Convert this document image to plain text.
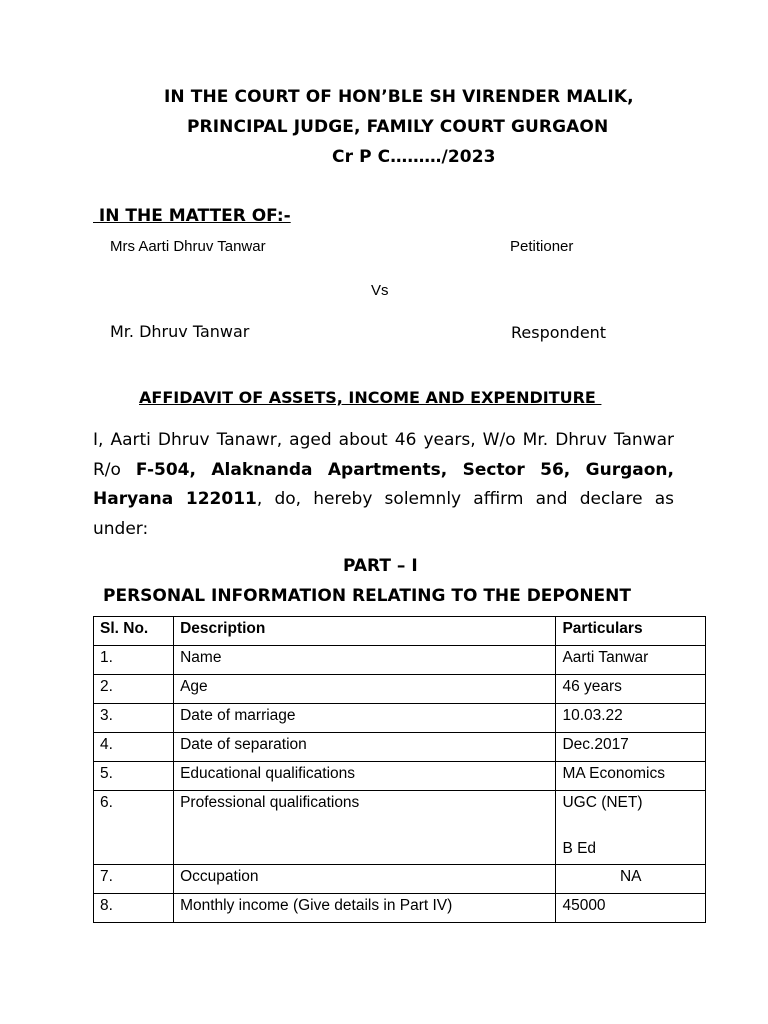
IN THE COURT OF HON’BLE SH VIRENDER MALIK,
PRINCIPAL JUDGE, FAMILY COURT GURGAON
Cr P C………/2023
IN THE MATTER OF:-
Mrs Aarti Dhruv Tanwar	Petitioner
Vs
Mr. Dhruv Tanwar	Respondent
AFFIDAVIT OF ASSETS, INCOME AND EXPENDITURE
I, Aarti Dhruv Tanawr, aged about 46 years, W/o Mr. Dhruv Tanwar R/o F-504, Alaknanda Apartments, Sector 56, Gurgaon, Haryana 122011, do, hereby solemnly affirm and declare as under:
PART – I
PERSONAL INFORMATION RELATING TO THE DEPONENT
Sl. No.	Description	Particulars
1.	Name	Aarti Tanwar
2.	Age	46 years
3.	Date of marriage	10.03.22
4.	Date of separation	Dec.2017
5.	Educational qualifications	MA Economics
6.	Professional qualifications	UGC (NET)
B Ed

7.	Occupation	NA
8.	Monthly income (Give details in Part IV)	45000
